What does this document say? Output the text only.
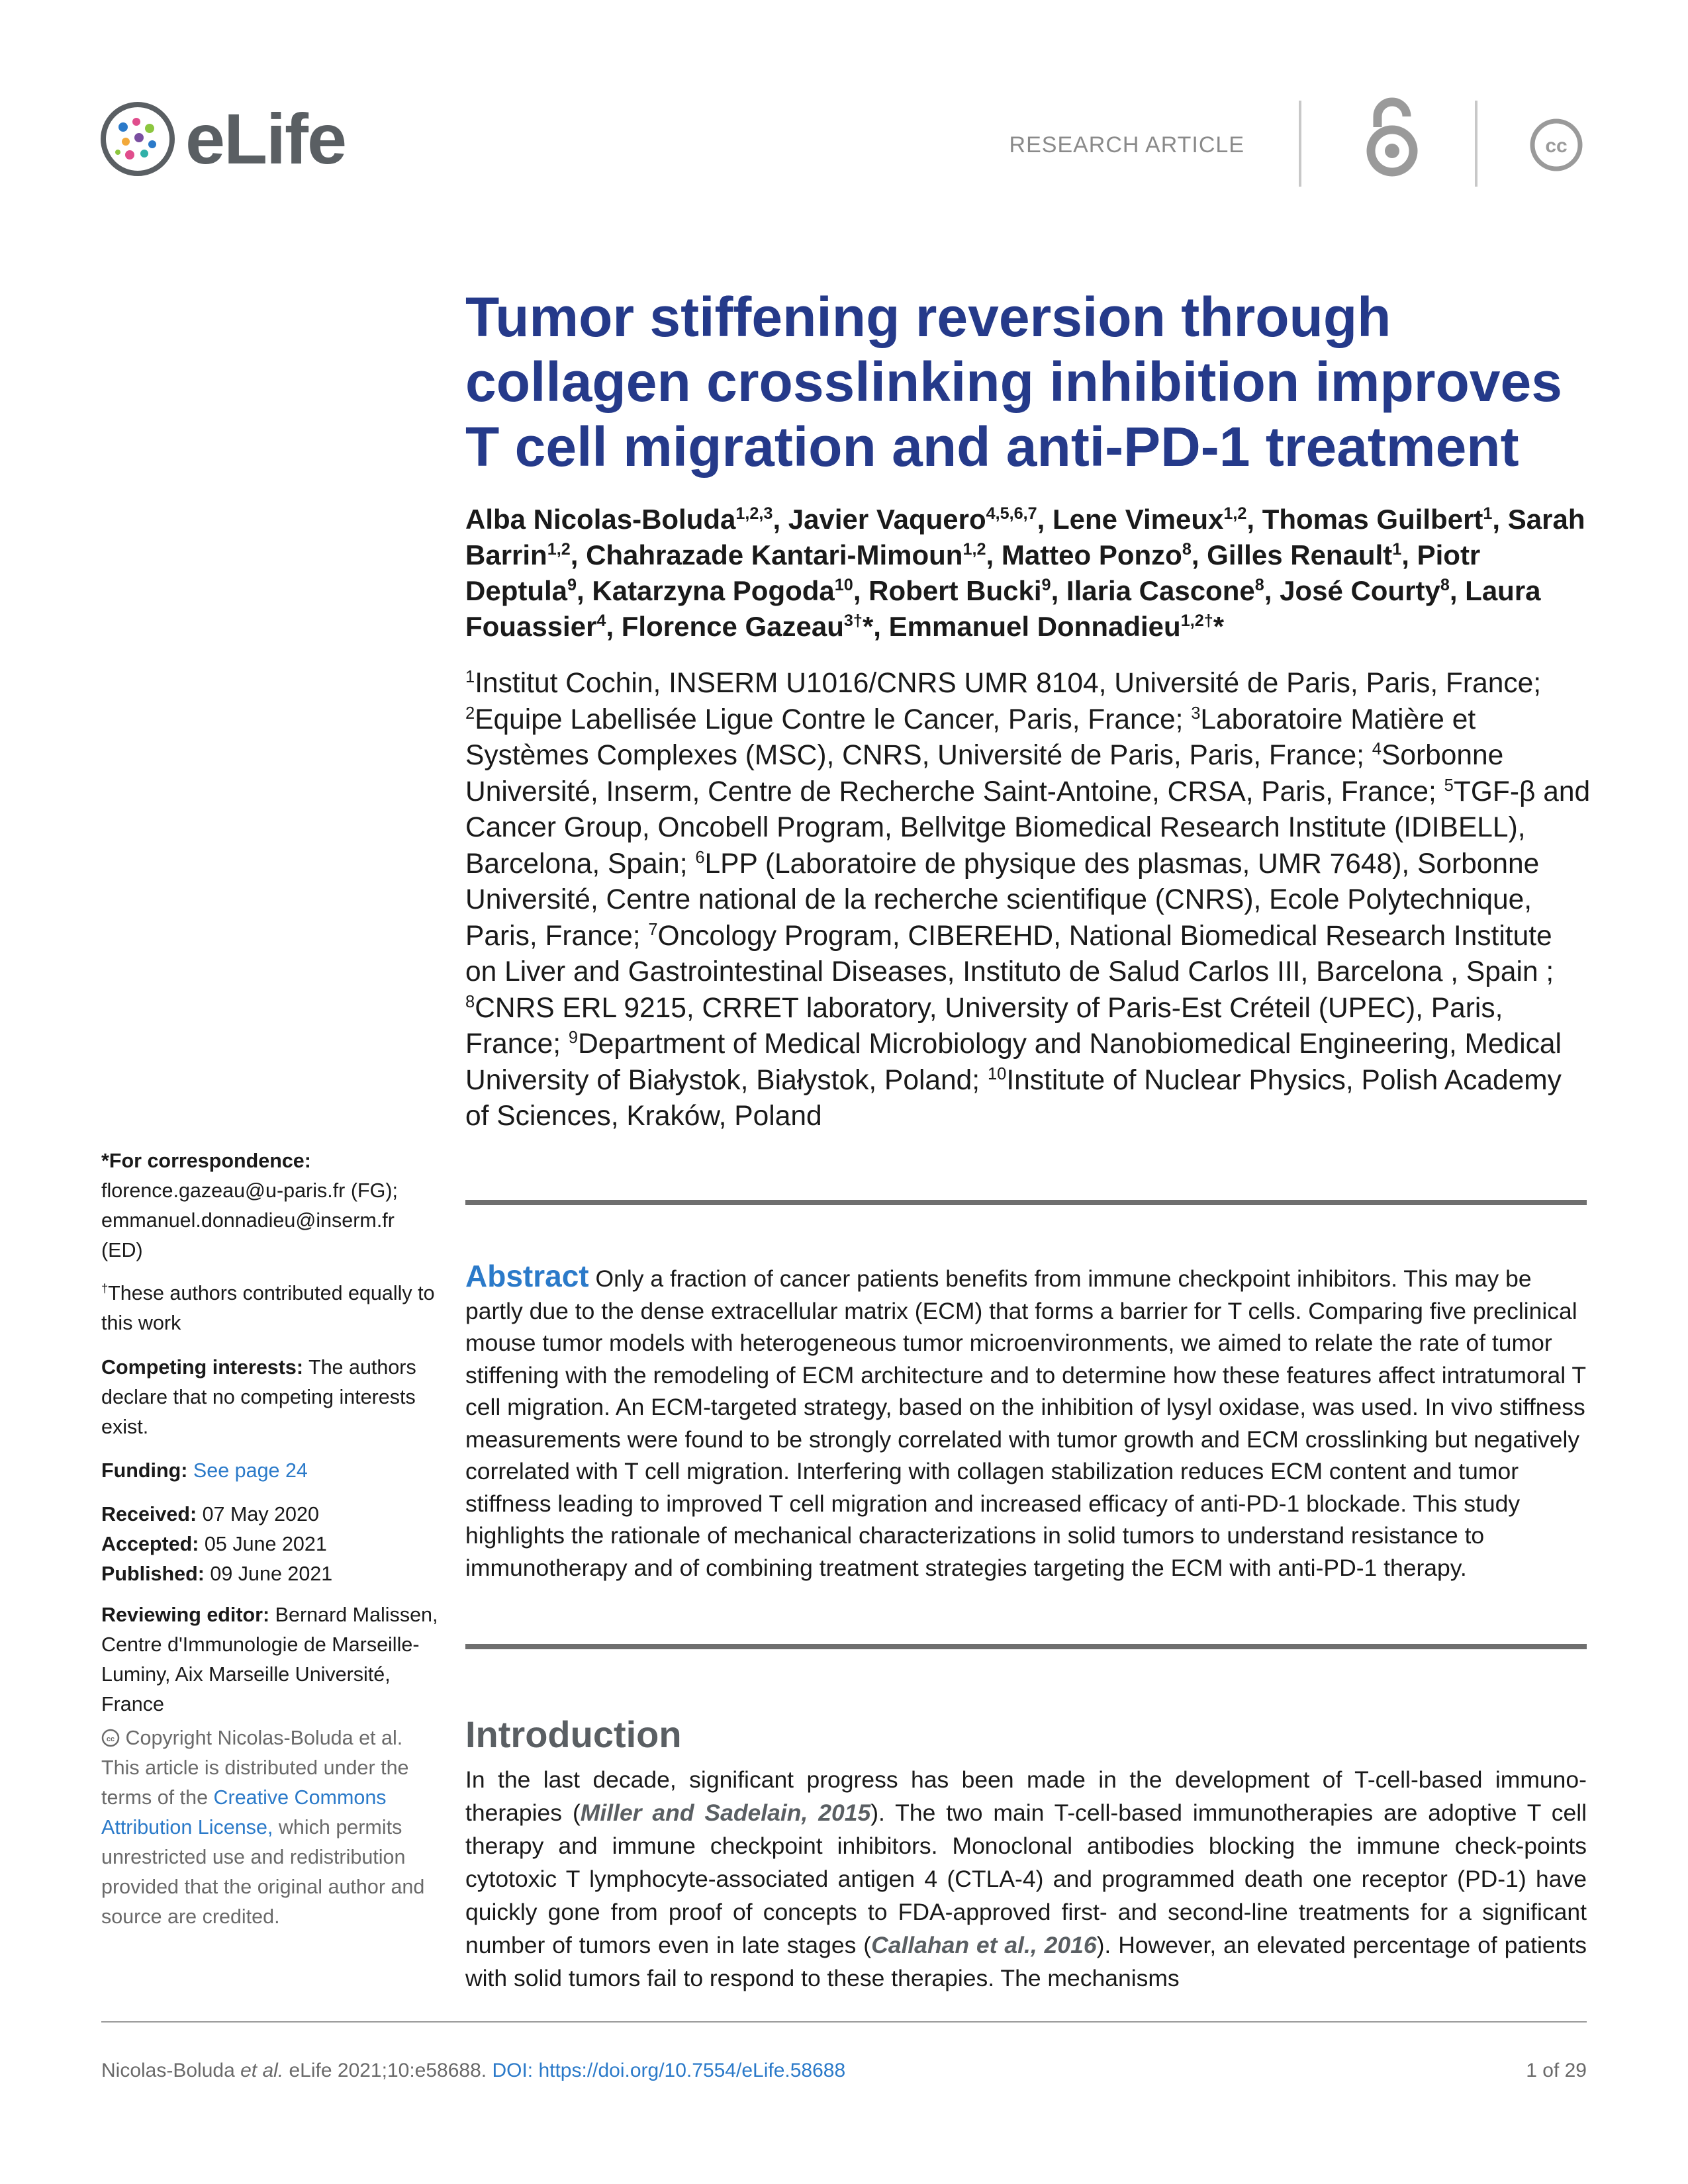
eLife	RESEARCH ARTICLE	cc
Tumor stiffening reversion through collagen crosslinking inhibition improves T cell migration and anti-PD-1 treatment
Alba Nicolas-Boluda$^{1,2,3}$, Javier Vaquero$^{4,5,6,7}$, Lene Vimeux$^{1,2}$, Thomas Guilbert$^1$, Sarah Barrin$^{1,2}$, Chahrazade Kantari-Mimoun$^{1,2}$, Matteo Ponzo$^8$, Gilles Renault$^1$, Piotr Deptula$^9$, Katarzyna Pogoda$^{10}$, Robert Bucki$^9$, Ilaria Cascone$^8$, José Courty$^8$, Laura Fouassier$^4$, Florence Gazeau$^{3\dagger}$*, Emmanuel Donnadieu$^{1,2\dagger}$*
$^1$Institut Cochin, INSERM U1016/CNRS UMR 8104, Université de Paris, Paris, France; $^2$Equipe Labellisée Ligue Contre le Cancer, Paris, France; $^3$Laboratoire Matière et Systèmes Complexes (MSC), CNRS, Université de Paris, Paris, France; $^4$Sorbonne Université, Inserm, Centre de Recherche Saint-Antoine, CRSA, Paris, France; $^5$TGF-β and Cancer Group, Oncobell Program, Bellvitge Biomedical Research Institute (IDIBELL), Barcelona, Spain; $^6$LPP (Laboratoire de physique des plasmas, UMR 7648), Sorbonne Université, Centre national de la recherche scientifique (CNRS), Ecole Polytechnique, Paris, France; $^7$Oncology Program, CIBEREHD, National Biomedical Research Institute on Liver and Gastrointestinal Diseases, Instituto de Salud Carlos III, Barcelona , Spain ; $^8$CNRS ERL 9215, CRRET laboratory, University of Paris-Est Créteil (UPEC), Paris, France; $^9$Department of Medical Microbiology and Nanobiomedical Engineering, Medical University of Białystok, Białystok, Poland; $^{10}$Institute of Nuclear Physics, Polish Academy of Sciences, Kraków, Poland
Abstract Only a fraction of cancer patients benefits from immune checkpoint inhibitors. This may be partly due to the dense extracellular matrix (ECM) that forms a barrier for T cells. Comparing five preclinical mouse tumor models with heterogeneous tumor microenvironments, we aimed to relate the rate of tumor stiffening with the remodeling of ECM architecture and to determine how these features affect intratumoral T cell migration. An ECM-targeted strategy, based on the inhibition of lysyl oxidase, was used. In vivo stiffness measurements were found to be strongly correlated with tumor growth and ECM crosslinking but negatively correlated with T cell migration. Interfering with collagen stabilization reduces ECM content and tumor stiffness leading to improved T cell migration and increased efficacy of anti-PD-1 blockade. This study highlights the rationale of mechanical characterizations in solid tumors to understand resistance to immunotherapy and of combining treatment strategies targeting the ECM with anti-PD-1 therapy.
Introduction

In the last decade, significant progress has been made in the development of T-cell-based immuno-therapies (Miller and Sadelain, 2015). The two main T-cell-based immunotherapies are adoptive T cell therapy and immune checkpoint inhibitors. Monoclonal antibodies blocking the immune check-points cytotoxic T lymphocyte-associated antigen 4 (CTLA-4) and programmed death one receptor (PD-1) have quickly gone from proof of concepts to FDA-approved first- and second-line treatments for a significant number of tumors even in late stages (Callahan et al., 2016). However, an elevated percentage of patients with solid tumors fail to respond to these therapies. The mechanisms

*For correspondence:
florence.gazeau@u-paris.fr (FG);
emmanuel.donnadieu@inserm.fr
(ED)
†These authors contributed equally to this work
Competing interests: The authors declare that no competing interests exist.
Funding: See page 24
Received: 07 May 2020
Accepted: 05 June 2021
Published: 09 June 2021
Reviewing editor: Bernard Malissen, Centre d'Immunologie de Marseille-Luminy, Aix Marseille Université, France
cc Copyright Nicolas-Boluda et al. This article is distributed under the terms of the Creative Commons Attribution License, which permits unrestricted use and redistribution provided that the original author and source are credited.
Nicolas-Boluda et al. eLife 2021;10:e58688. DOI: https://doi.org/10.7554/eLife.58688	1 of 29
